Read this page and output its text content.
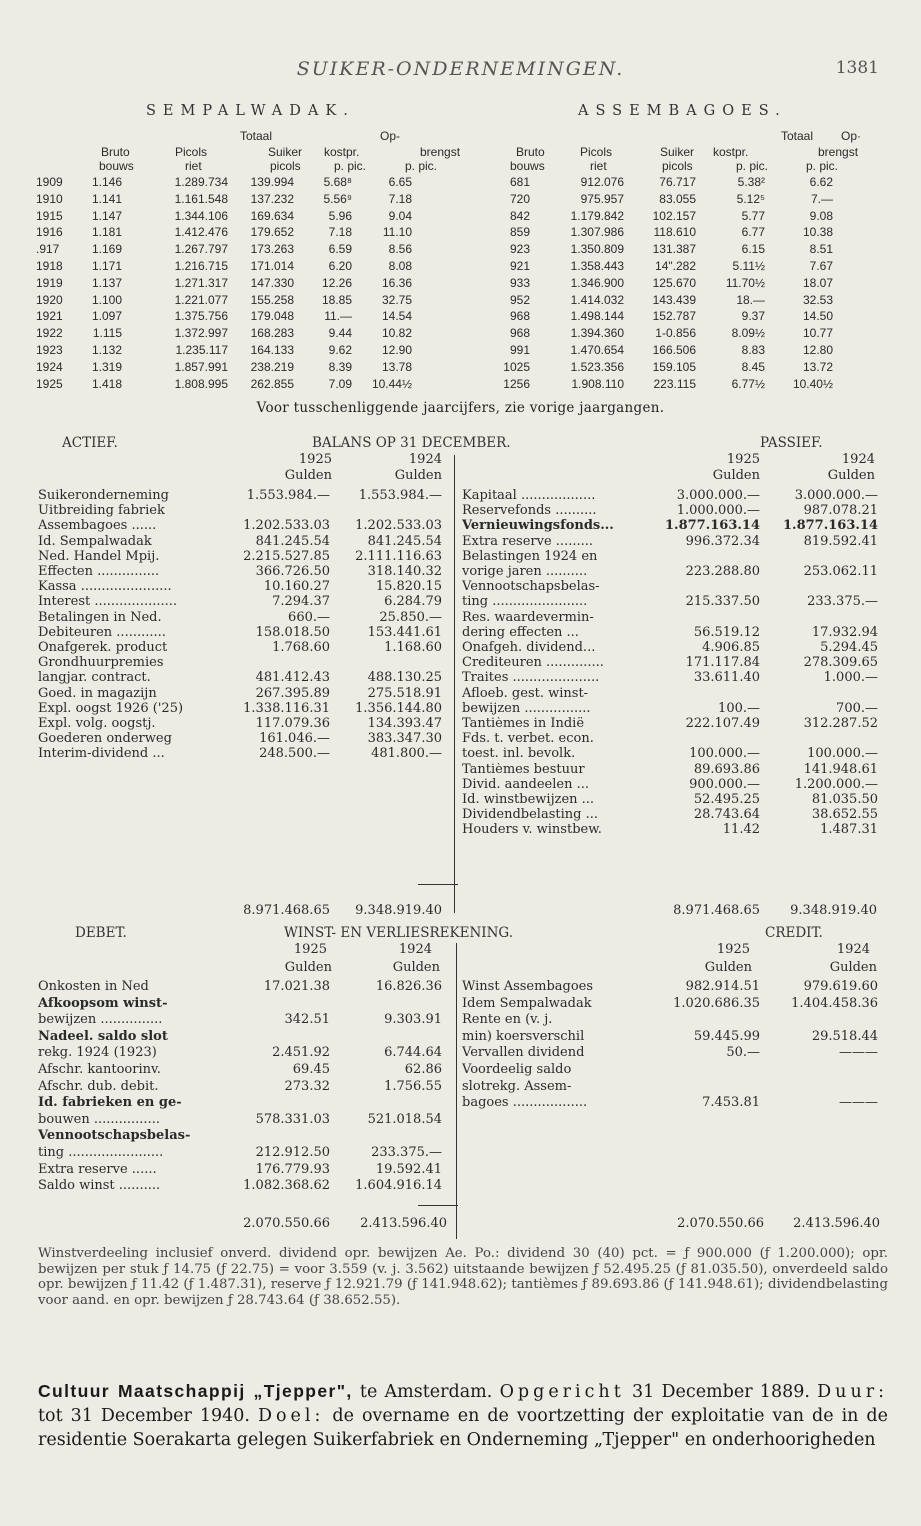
SUIKER-ONDERNEMINGEN.	1381
SEMPALWADAK.	ASSEMBAGOES.
Totaal	Op-	Totaal Op·
Bruto	Picols	Suiker kostpr.	brengst
bouws	riet	picols	p. pic.	p. pic.
Bruto	Picols	Suiker kostpr.	brengst
bouws	riet	picols	p. pic.	p. pic.
1909	1.146	1.289.734	139.994	5.68⁸	6.65	681	912.076	76.717	5.38²	6.62
1910	1.141	1.161.548	137.232	5.56⁹	7.18	720	975.957	83.055	5.12⁵	7.—
1915	1.147	1.344.106	169.634	5.96	9.04	842	1.179.842	102.157	5.77	9.08
1916	1.181	1.412.476	179.652	7.18	11.10	859	1.307.986	118.610	6.77	10.38
.917	1.169	1.267.797	173.263	6.59	8.56	923	1.350.809	131.387	6.15	8.51
1918	1.171	1.216.715	171.014	6.20	8.08	921	1.358.443	14".282	5.11½	7.67
1919	1.137	1.271.317	147.330	12.26	16.36	933	1.346.900	125.670	11.70½	18.07
1920	1.100	1.221.077	155.258	18.85	32.75	952	1.414.032	143.439	18.—	32.53
1921	1.097	1.375.756	179.048	11.—	14.54	968	1.498.144	152.787	9.37	14.50
1922	1.115	1.372.997	168.283	9.44	10.82	968	1.394.360	1-0.856	8.09½	10.77
1923	1.132	1.235.117	164.133	9.62	12.90	991	1.470.654	166.506	8.83	12.80
1924	1.319	1.857.991	238.219	8.39	13.78	1025	1.523.356	159.105	8.45	13.72
1925	1.418	1.808.995	262.855	7.09	10.44½	1256	1.908.110	223.115	6.77½	10.40½
Voor tusschenliggende jaarcijfers, zie vorige jaargangen.
ACTIEF.	BALANS OP 31 DECEMBER.	PASSIEF.
1925	1924
Gulden	Gulden
1925	1924
Gulden	Gulden
Suikeronderneming	1.553.984.—	1.553.984.—
Uitbreiding fabriek
Assembagoes ......	1.202.533.03	1.202.533.03
Id. Sempalwadak	841.245.54	841.245.54
Ned. Handel Mpij.	2.215.527.85	2.111.116.63
Effecten ...............	366.726.50	318.140.32
Kassa ......................	10.160.27	15.820.15
Interest ....................	7.294.37	6.284.79
Betalingen in Ned.	660.—	25.850.—
Debiteuren ............	158.018.50	153.441.61
Onafgerek. product	1.768.60	1.168.60
Grondhuurpremies
langjar. contract.	481.412.43	488.130.25
Goed. in magazijn	267.395.89	275.518.91
Expl. oogst 1926 ('25)	1.338.116.31	1.356.144.80
Expl. volg. oogstj.	117.079.36	134.393.47
Goederen onderweg	161.046.—	383.347.30
Interim-dividend ...	248.500.—	481.800.—
Kapitaal ..................	3.000.000.—	3.000.000.—
Reservefonds ..........	1.000.000.—	987.078.21
Vernieuwingsfonds...	1.877.163.14	1.877.163.14
Extra reserve .........	996.372.34	819.592.41
Belastingen 1924 en
vorige jaren ..........	223.288.80	253.062.11
Vennootschapsbelas-
ting .......................	215.337.50	233.375.—
Res. waardevermin-
dering effecten ...	56.519.12	17.932.94
Onafgeh. dividend...	4.906.85	5.294.45
Crediteuren ..............	171.117.84	278.309.65
Traites .....................	33.611.40	1.000.—
Afloeb. gest. winst-
bewijzen ................	100.—	700.—
Tantièmes in Indië	222.107.49	312.287.52
Fds. t. verbet. econ.
toest. inl. bevolk.	100.000.—	100.000.—
Tantièmes bestuur	89.693.86	141.948.61
Divid. aandeelen ...	900.000.—	1.200.000.—
Id. winstbewijzen ...	52.495.25	81.035.50
Dividendbelasting ...	28.743.64	38.652.55
Houders v. winstbew.	11.42	1.487.31
8.971.468.65	9.348.919.40	8.971.468.65	9.348.919.40
DEBET.	WINST- EN VERLIESREKENING.	CREDIT.
1925	1924
Gulden	Gulden
1925	1924
Gulden	Gulden
Onkosten in Ned	17.021.38	16.826.36
Afkoopsom winst-
bewijzen ...............	342.51	9.303.91
Nadeel. saldo slot
rekg. 1924 (1923)	2.451.92	6.744.64
Afschr. kantoorinv.	69.45	62.86
Afschr. dub. debit.	273.32	1.756.55
Id. fabrieken en ge-
bouwen ................	578.331.03	521.018.54
Vennootschapsbelas-
ting .......................	212.912.50	233.375.—
Extra reserve ......	176.779.93	19.592.41
Saldo winst ..........	1.082.368.62	1.604.916.14
Winst Assembagoes	982.914.51	979.619.60
Idem Sempalwadak	1.020.686.35	1.404.458.36
Rente en (v. j.
min) koersverschil	59.445.99	29.518.44
Vervallen dividend	50.—	———
Voordeelig saldo
slotrekg. Assem-
bagoes ..................	7.453.81	———
2.070.550.66	2.413.596.40	2.070.550.66	2.413.596.40

Winstverdeeling inclusief onverd. dividend opr. bewijzen Ae. Po.: dividend 30 (40) pct. = ƒ 900.000 (ƒ 1.200.000); opr. bewijzen per stuk ƒ 14.75 (ƒ 22.75) = voor 3.559 (v. j. 3.562) uitstaande bewijzen ƒ 52.495.25 (ƒ 81.035.50), onverdeeld saldo opr. bewijzen ƒ 11.42 (ƒ 1.487.31), reserve ƒ 12.921.79 (ƒ 141.948.62); tantièmes ƒ 89.693.86 (ƒ 141.948.61); dividendbelasting voor aand. en opr. bewijzen ƒ 28.743.64 (ƒ 38.652.55).

Cultuur Maatschappij „Tjepper", te Amsterdam. Opgericht 31 December 1889. Duur: tot 31 December 1940. Doel: de overname en de voortzetting der exploitatie van de in de residentie Soerakarta gelegen Suikerfabriek en Onderneming „Tjepper" en onderhoorigheden
